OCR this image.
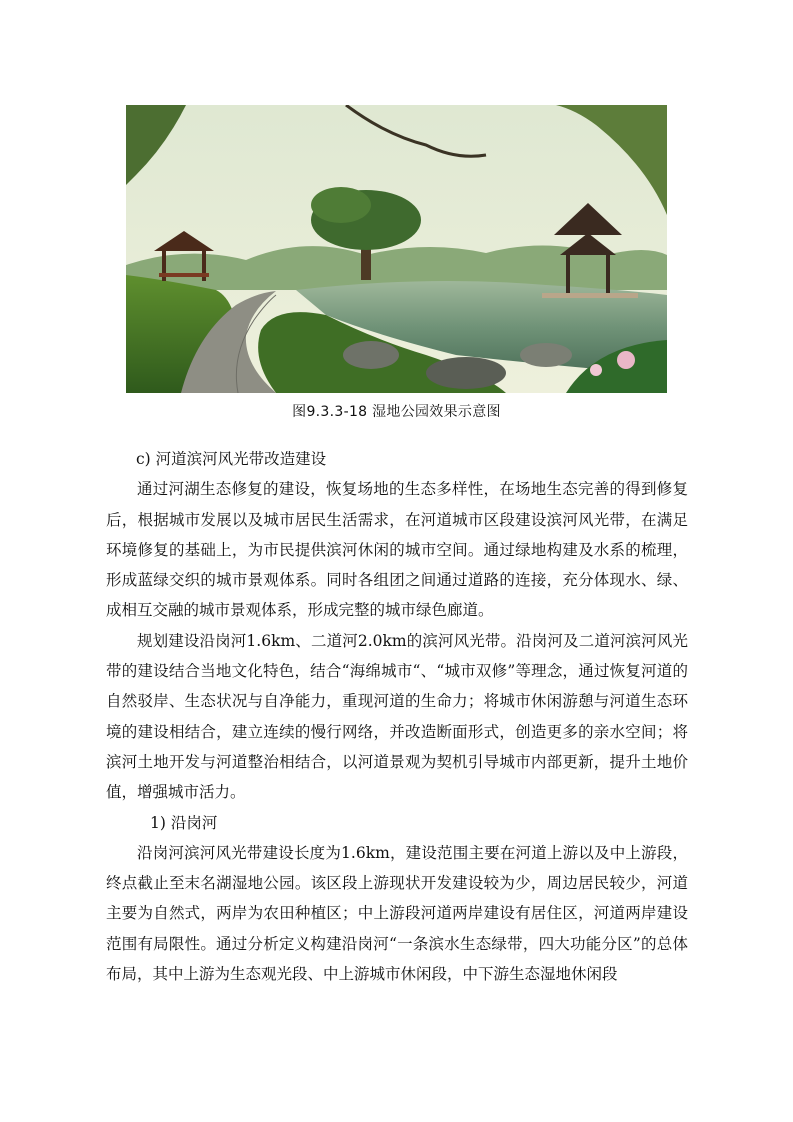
图9.3.3-18 湿地公园效果示意图

c) 河道滨河风光带改造建设

通过河湖生态修复的建设，恢复场地的生态多样性，在场地生态完善的得到修复后，根据城市发展以及城市居民生活需求，在河道城市区段建设滨河风光带，在满足环境修复的基础上，为市民提供滨河休闲的城市空间。通过绿地构建及水系的梳理，形成蓝绿交织的城市景观体系。同时各组团之间通过道路的连接，充分体现水、绿、成相互交融的城市景观体系，形成完整的城市绿色廊道。

规划建设沿岗河1.6km、二道河2.0km的滨河风光带。沿岗河及二道河滨河风光带的建设结合当地文化特色，结合“海绵城市“、“城市双修”等理念，通过恢复河道的自然驳岸、生态状况与自净能力，重现河道的生命力；将城市休闲游憩与河道生态环境的建设相结合，建立连续的慢行网络，并改造断面形式，创造更多的亲水空间；将滨河土地开发与河道整治相结合，以河道景观为契机引导城市内部更新，提升土地价值，增强城市活力。

1) 沿岗河

沿岗河滨河风光带建设长度为1.6km，建设范围主要在河道上游以及中上游段，终点截止至末名湖湿地公园。该区段上游现状开发建设较为少，周边居民较少，河道主要为自然式，两岸为农田种植区；中上游段河道两岸建设有居住区，河道两岸建设范围有局限性。通过分析定义构建沿岗河“一条滨水生态绿带，四大功能分区”的总体布局，其中上游为生态观光段、中上游城市休闲段，中下游生态湿地休闲段
